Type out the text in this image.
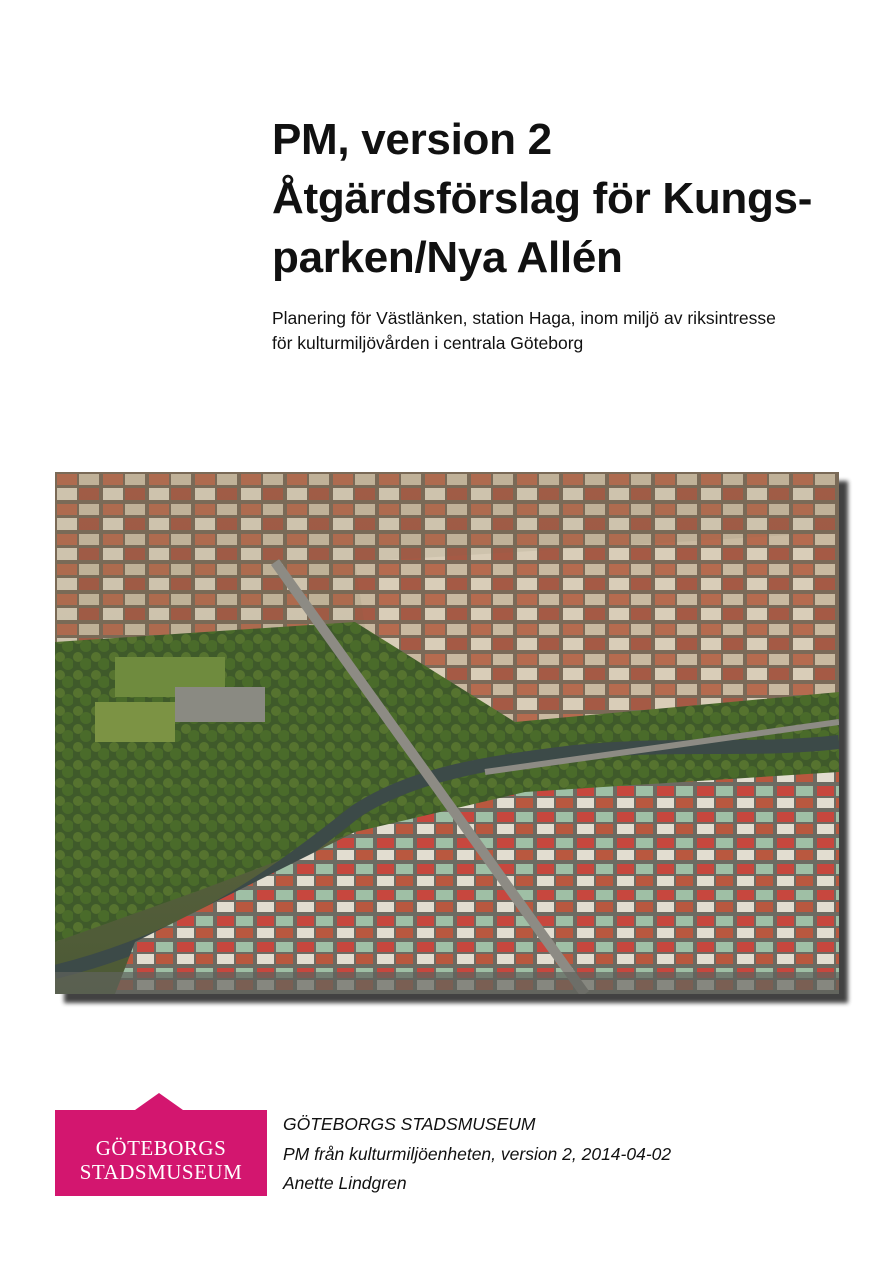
PM, version 2

Åtgärdsförslag för Kungs-

parken/Nya Allén

Planering för Västlänken, station Haga, inom miljö av riksintresse
för kulturmiljövården i centrala Göteborg
GÖTEBORGS
STADSMUSEUM
GÖTEBORGS STADSMUSEUM
PM från kulturmiljöenheten, version 2, 2014-04-02
Anette Lindgren
